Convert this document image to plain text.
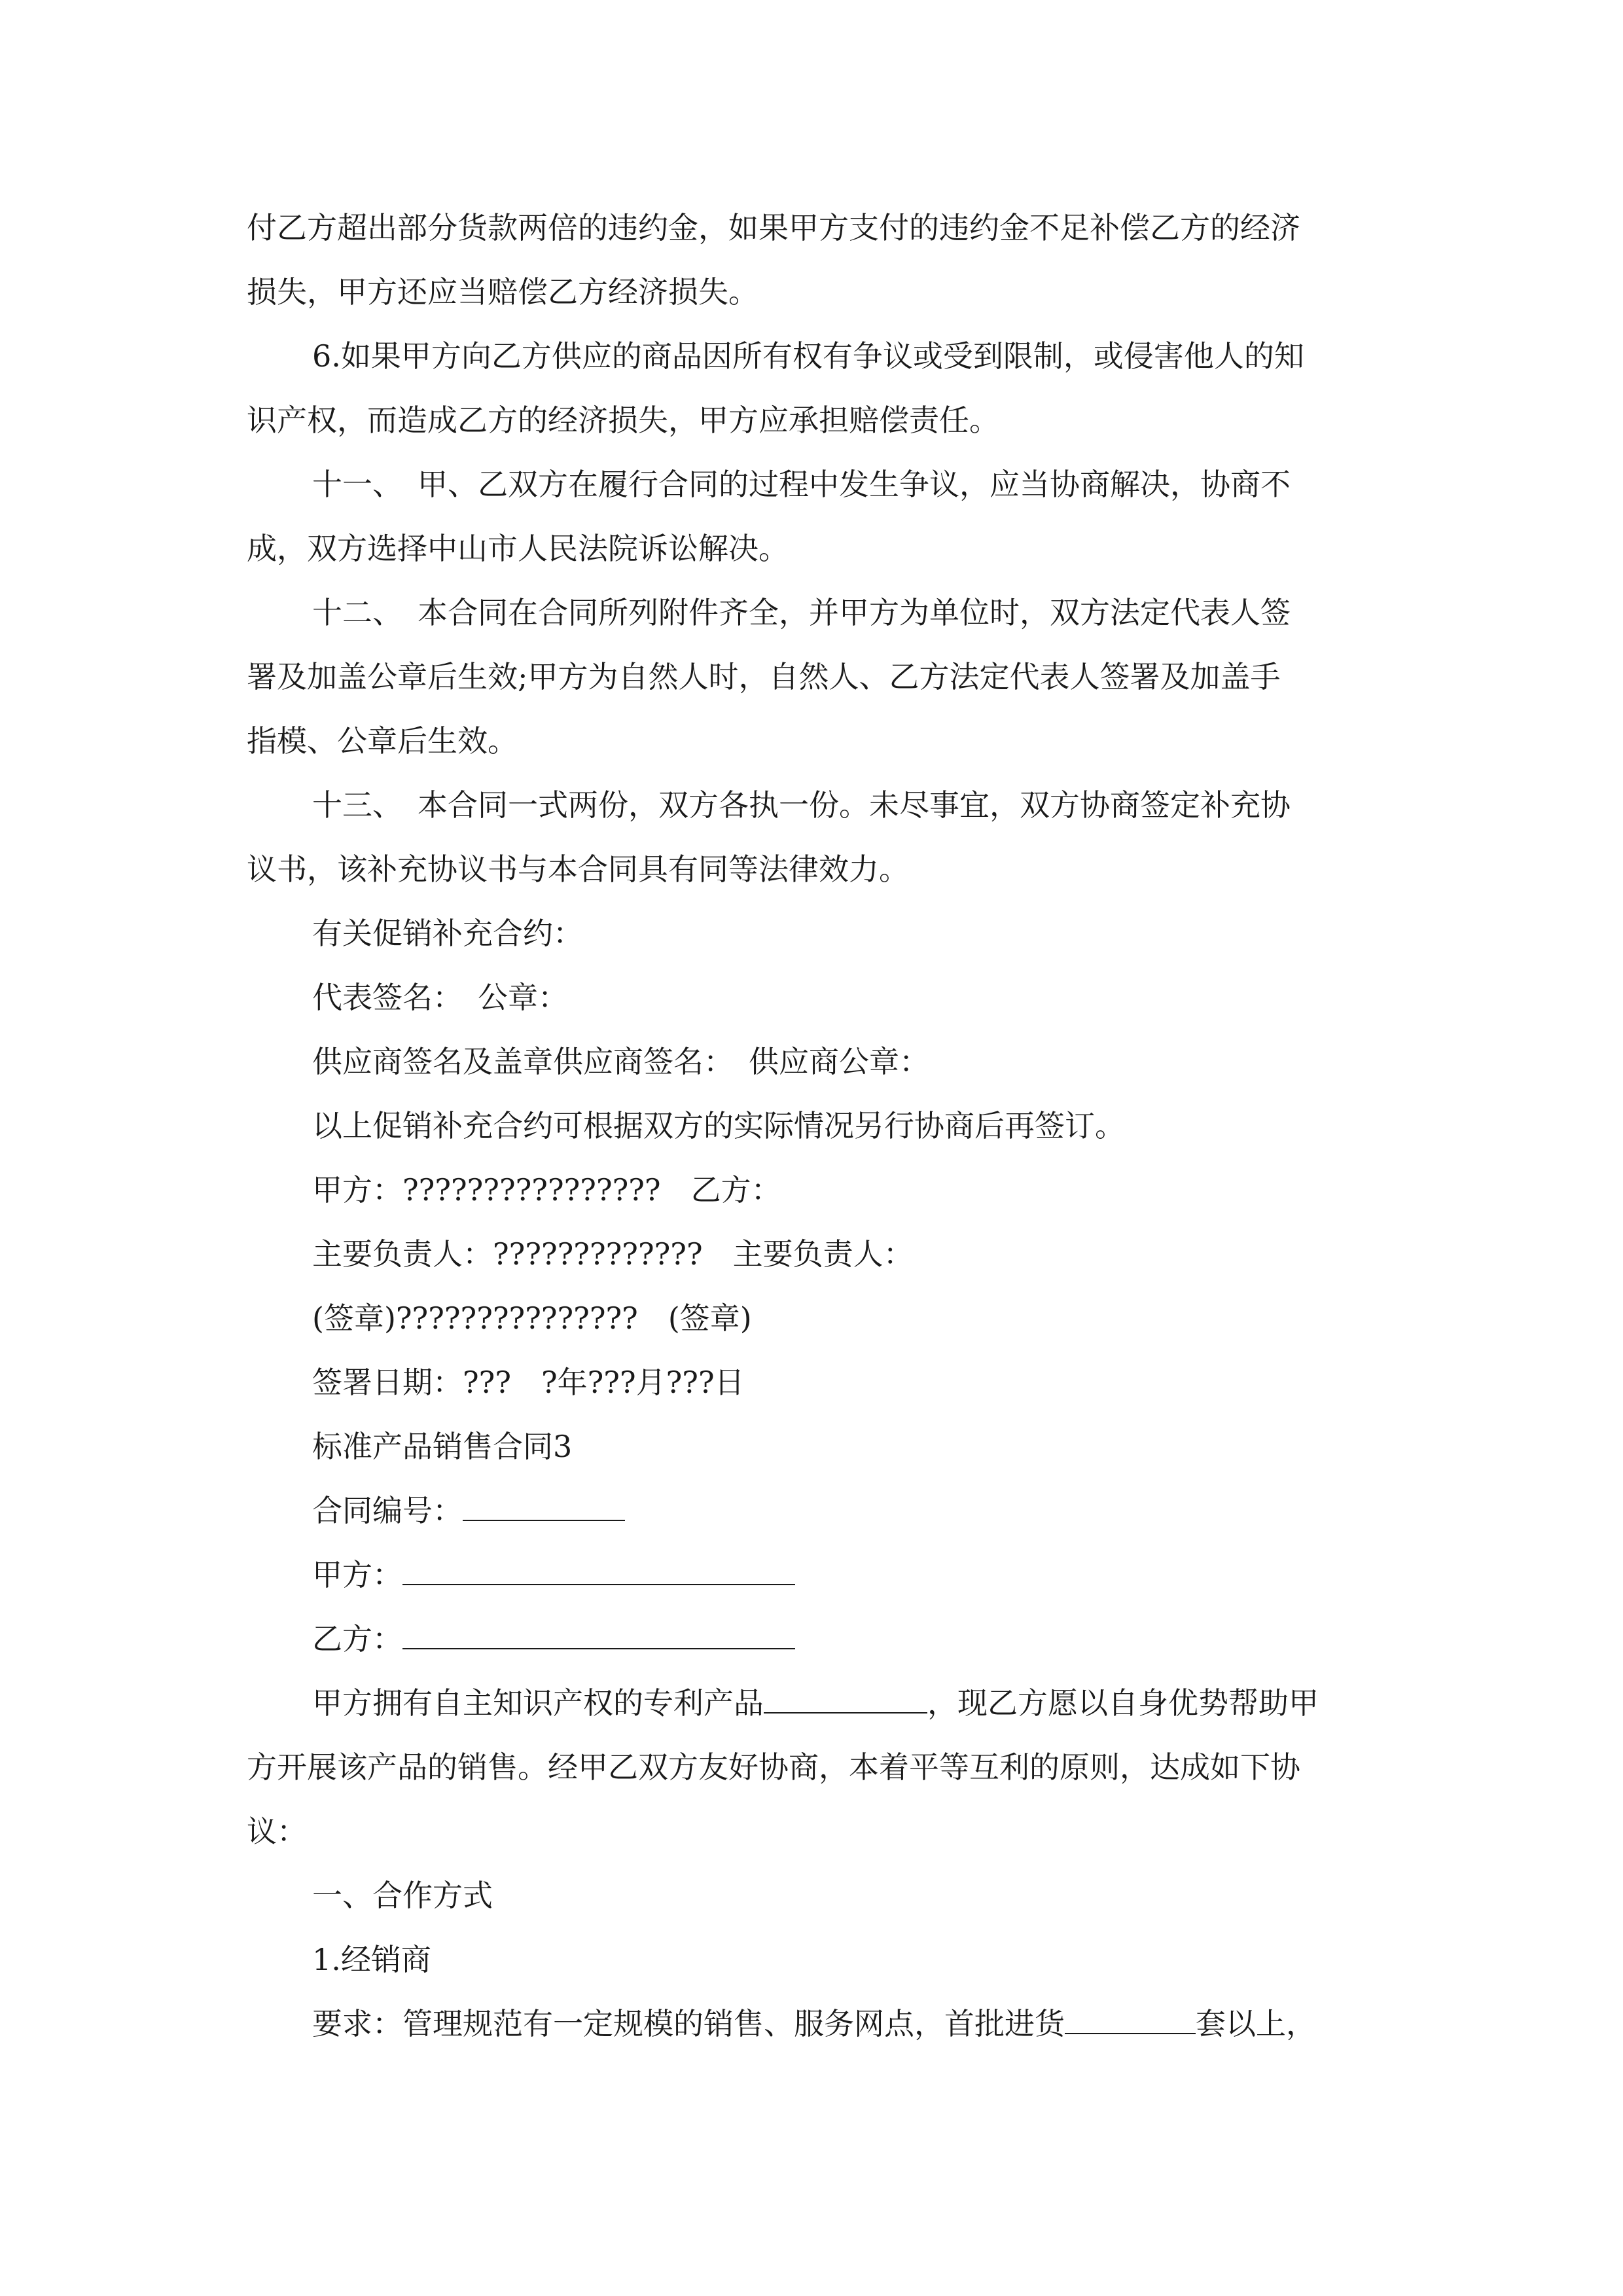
付乙方超出部分货款两倍的违约金，如果甲方支付的违约金不足补偿乙方的经济
损失，甲方还应当赔偿乙方经济损失。
6.如果甲方向乙方供应的商品因所有权有争议或受到限制，或侵害他人的知
识产权，而造成乙方的经济损失，甲方应承担赔偿责任。
十一、　甲、乙双方在履行合同的过程中发生争议，应当协商解决，协商不
成，双方选择中山市人民法院诉讼解决。
十二、　本合同在合同所列附件齐全，并甲方为单位时，双方法定代表人签
署及加盖公章后生效;甲方为自然人时，自然人、乙方法定代表人签署及加盖手
指模、公章后生效。
十三、　本合同一式两份，双方各执一份。未尽事宜，双方协商签定补充协
议书，该补充协议书与本合同具有同等法律效力。
有关促销补充合约：
代表签名：　公章：
供应商签名及盖章供应商签名：　供应商公章：
以上促销补充合约可根据双方的实际情况另行协商后再签订。
甲方：????????????????　乙方：
主要负责人：?????????????　主要负责人：
(签章)???????????????　(签章)
签署日期：???　?年???月???日
标准产品销售合同3
合同编号：
甲方：
乙方：
甲方拥有自主知识产权的专利产品	，现乙方愿以自身优势帮助甲
方开展该产品的销售。经甲乙双方友好协商，本着平等互利的原则，达成如下协
议：
一、合作方式
1.经销商
要求：管理规范有一定规模的销售、服务网点，首批进货	套以上，
